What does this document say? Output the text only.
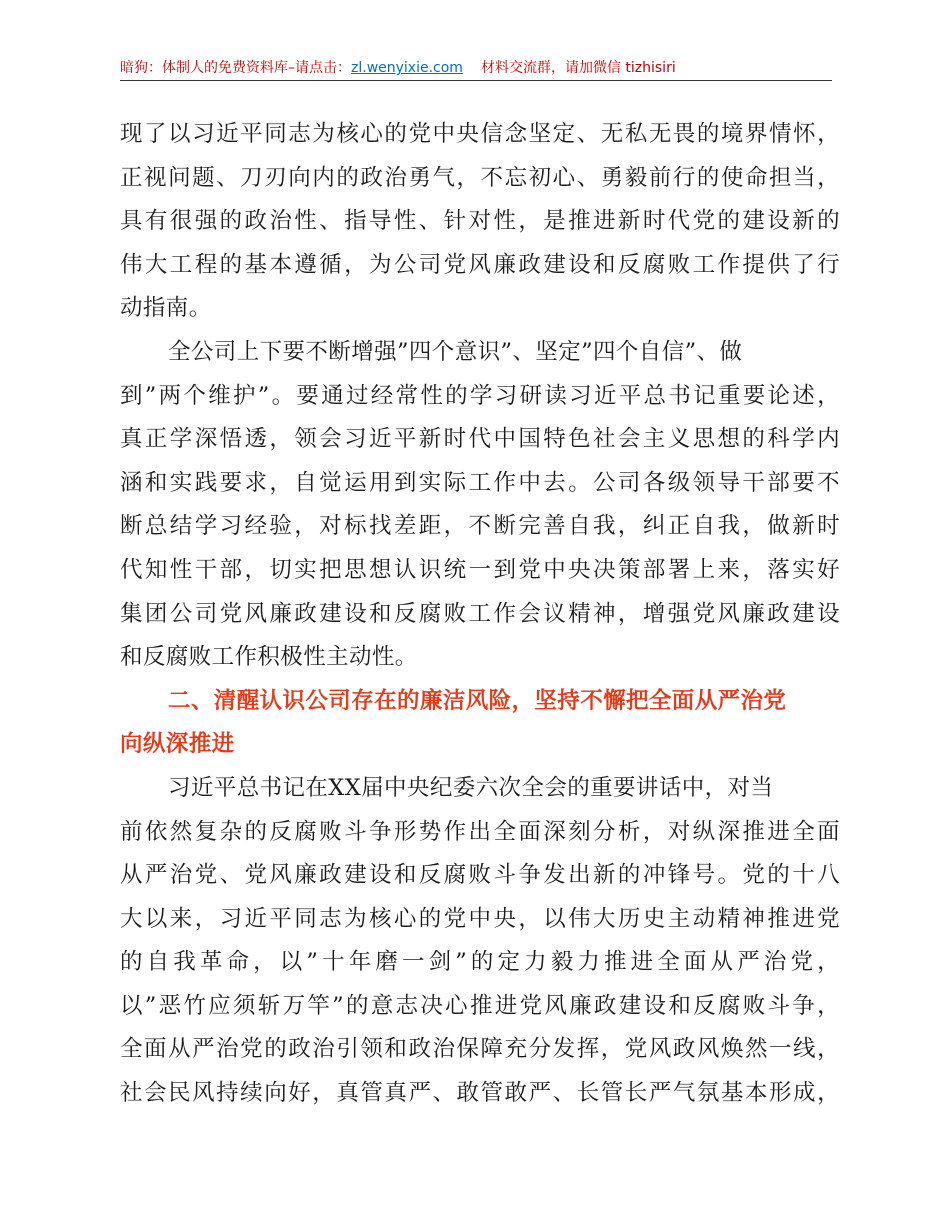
暗狗：体制人的免费资料库–请点击：zl.wenyixie.com 材料交流群，请加微信 tizhisiri
现了以习近平同志为核心的党中央信念坚定、无私无畏的境界情怀，
正视问题、刀刃向内的政治勇气，不忘初心、勇毅前行的使命担当，
具有很强的政治性、指导性、针对性，是推进新时代党的建设新的
伟大工程的基本遵循，为公司党风廉政建设和反腐败工作提供了行
动指南。
全公司上下要不断增强”四个意识”、坚定”四个自信”、做
到”两个维护”。要通过经常性的学习研读习近平总书记重要论述，
真正学深悟透，领会习近平新时代中国特色社会主义思想的科学内
涵和实践要求，自觉运用到实际工作中去。公司各级领导干部要不
断总结学习经验，对标找差距，不断完善自我，纠正自我，做新时
代知性干部，切实把思想认识统一到党中央决策部署上来，落实好
集团公司党风廉政建设和反腐败工作会议精神，增强党风廉政建设
和反腐败工作积极性主动性。
二、清醒认识公司存在的廉洁风险，坚持不懈把全面从严治党
向纵深推进
习近平总书记在XX届中央纪委六次全会的重要讲话中，对当
前依然复杂的反腐败斗争形势作出全面深刻分析，对纵深推进全面
从严治党、党风廉政建设和反腐败斗争发出新的冲锋号。党的十八
大以来，习近平同志为核心的党中央，以伟大历史主动精神推进党
的自我革命，以”十年磨一剑”的定力毅力推进全面从严治党，
以”恶竹应须斩万竿”的意志决心推进党风廉政建设和反腐败斗争，
全面从严治党的政治引领和政治保障充分发挥，党风政风焕然一线，
社会民风持续向好，真管真严、敢管敢严、长管长严气氛基本形成，
